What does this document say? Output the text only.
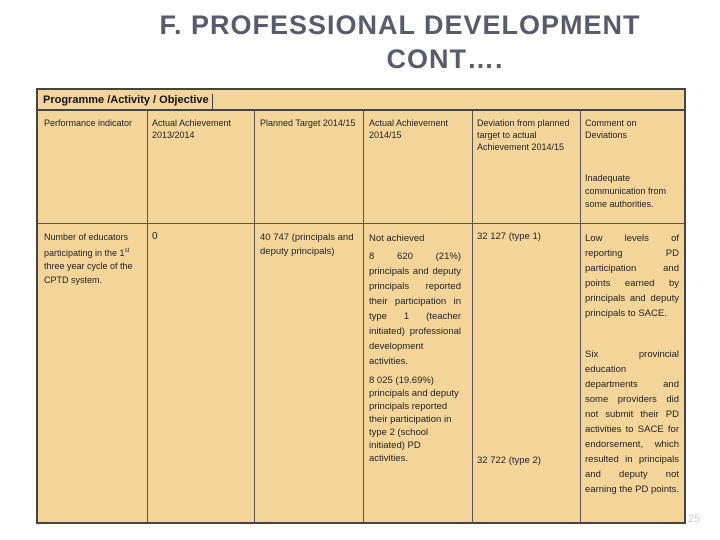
F. PROFESSIONAL DEVELOPMENT
CONT….
Programme /Activity / Objective
Performance indicator	Actual Achievement 2013/2014
Planned Target 2014/15 Actual Achievement 2014/15
Deviation from planned target to actual Achievement 2014/15
Comment on Deviations
Inadequate communication from some authorities.
Number of educators participating in the 1st three year cycle of the CPTD system.
0	40 747 (principals and deputy principals)
Not achieved
8 620 (21%) principals and deputy principals reported their participation in type 1 (teacher initiated) professional development activities.
8 025 (19.69%) principals and deputy principals reported their participation in type 2 (school initiated) PD activities.
32 127 (type 1)
32 722 (type 2)
Low levels of reporting PD participation and points earned by principals and deputy principals to SACE.
Six provincial education departments and some providers did not submit their PD activities to SACE for endorsement, which resulted in principals and deputy not earning the PD points.
25
